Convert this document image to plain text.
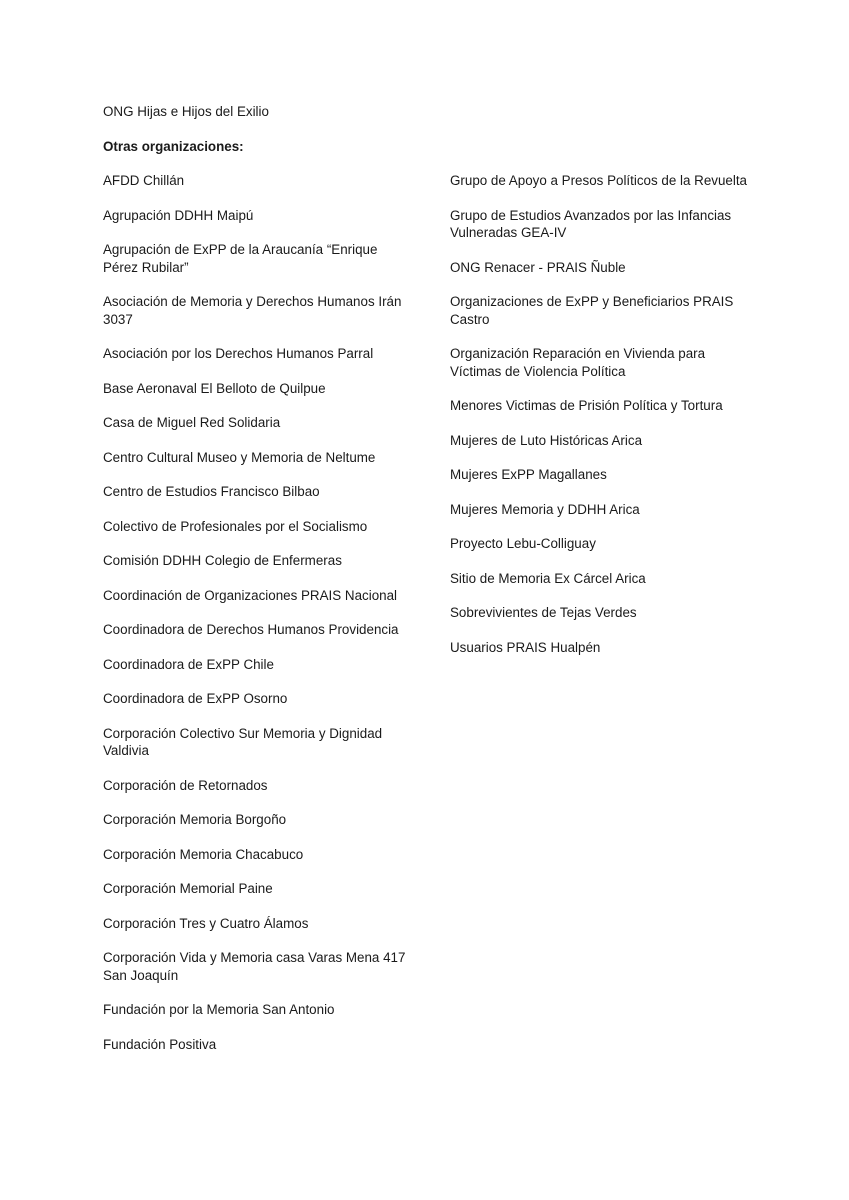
ONG Hijas e Hijos del Exilio

Otras organizaciones:

AFDD Chillán
Agrupación DDHH Maipú
Agrupación de ExPP de la Araucanía “Enrique Pérez Rubilar”
Asociación de Memoria y Derechos Humanos Irán 3037
Asociación por los Derechos Humanos Parral
Base Aeronaval El Belloto de Quilpue
Casa de Miguel Red Solidaria
Centro Cultural Museo y Memoria de Neltume
Centro de Estudios Francisco Bilbao
Colectivo de Profesionales por el Socialismo
Comisión DDHH Colegio de Enfermeras
Coordinación de Organizaciones PRAIS Nacional
Coordinadora de Derechos Humanos Providencia
Coordinadora de ExPP Chile
Coordinadora de ExPP Osorno
Corporación Colectivo Sur Memoria y Dignidad Valdivia
Corporación de Retornados
Corporación Memoria Borgoño
Corporación Memoria Chacabuco
Corporación Memorial Paine
Corporación Tres y Cuatro Álamos
Corporación Vida y Memoria casa Varas Mena 417 San Joaquín
Fundación por la Memoria San Antonio
Fundación Positiva
Grupo de Apoyo a Presos Políticos de la Revuelta
Grupo de Estudios Avanzados por las Infancias Vulneradas GEA-IV
ONG Renacer - PRAIS Ñuble
Organizaciones de ExPP y Beneficiarios PRAIS Castro
Organización Reparación en Vivienda para Víctimas de Violencia Política
Menores Victimas de Prisión Política y Tortura
Mujeres de Luto Históricas Arica
Mujeres ExPP Magallanes
Mujeres Memoria y DDHH Arica
Proyecto Lebu-Colliguay
Sitio de Memoria Ex Cárcel Arica
Sobrevivientes de Tejas Verdes
Usuarios PRAIS Hualpén
